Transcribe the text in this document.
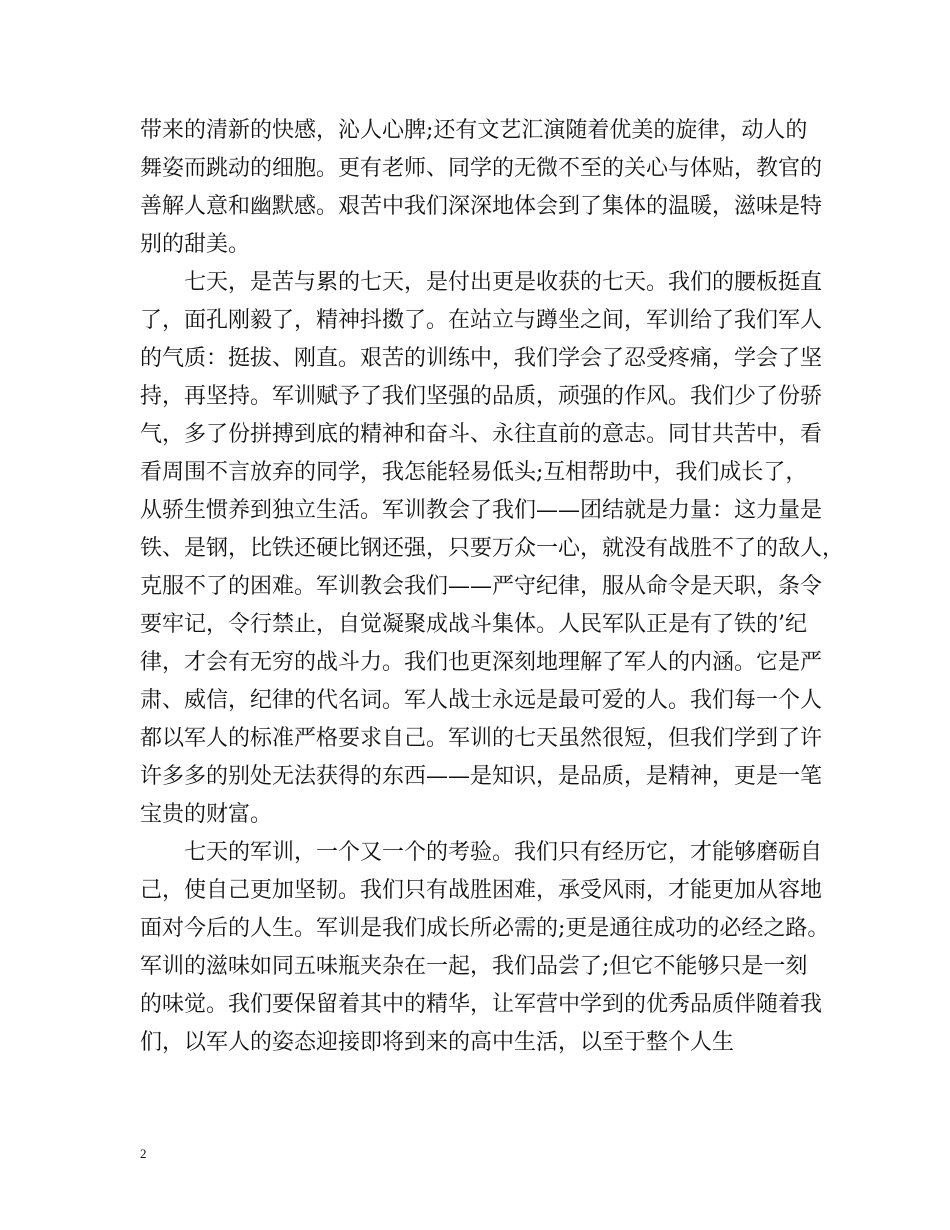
带来的清新的快感，沁人心脾;还有文艺汇演随着优美的旋律，动人的
舞姿而跳动的细胞。更有老师、同学的无微不至的关心与体贴，教官的
善解人意和幽默感。艰苦中我们深深地体会到了集体的温暖，滋味是特
别的甜美。
　　七天，是苦与累的七天，是付出更是收获的七天。我们的腰板挺直
了，面孔刚毅了，精神抖擞了。在站立与蹲坐之间，军训给了我们军人
的气质：挺拔、刚直。艰苦的训练中，我们学会了忍受疼痛，学会了坚
持，再坚持。军训赋予了我们坚强的品质，顽强的作风。我们少了份骄
气，多了份拼搏到底的精神和奋斗、永往直前的意志。同甘共苦中，看
看周围不言放弃的同学，我怎能轻易低头;互相帮助中，我们成长了，
从骄生惯养到独立生活。军训教会了我们——团结就是力量：这力量是
铁、是钢，比铁还硬比钢还强，只要万众一心，就没有战胜不了的敌人，
克服不了的困难。军训教会我们——严守纪律，服从命令是天职，条令
要牢记，令行禁止，自觉凝聚成战斗集体。人民军队正是有了铁的’纪
律，才会有无穷的战斗力。我们也更深刻地理解了军人的内涵。它是严
肃、威信，纪律的代名词。军人战士永远是最可爱的人。我们每一个人
都以军人的标准严格要求自己。军训的七天虽然很短，但我们学到了许
许多多的别处无法获得的东西——是知识，是品质，是精神，更是一笔
宝贵的财富。
　　七天的军训，一个又一个的考验。我们只有经历它，才能够磨砺自
己，使自己更加坚韧。我们只有战胜困难，承受风雨，才能更加从容地
面对今后的人生。军训是我们成长所必需的;更是通往成功的必经之路。
军训的滋味如同五味瓶夹杂在一起，我们品尝了;但它不能够只是一刻
的味觉。我们要保留着其中的精华，让军营中学到的优秀品质伴随着我
们，以军人的姿态迎接即将到来的高中生活，以至于整个人生
2
